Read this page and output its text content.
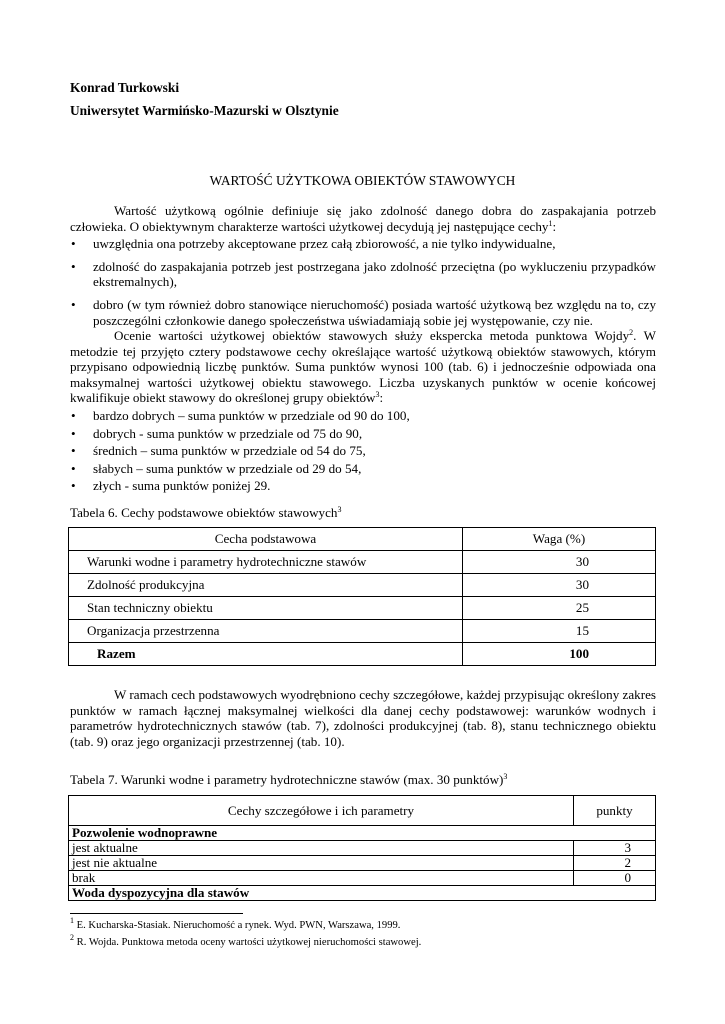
Konrad Turkowski
Uniwersytet Warmińsko-Mazurski w Olsztynie
WARTOŚĆ UŻYTKOWA OBIEKTÓW STAWOWYCH
Wartość użytkową ogólnie definiuje się jako zdolność danego dobra do zaspakajania potrzeb człowieka. O obiektywnym charakterze wartości użytkowej decydują jej następujące cechy$^1$:
• uwzględnia ona potrzeby akceptowane przez całą zbiorowość, a nie tylko indywidualne,
• zdolność do zaspakajania potrzeb jest postrzegana jako zdolność przeciętna (po wykluczeniu przypadków ekstremalnych),
• dobro (w tym również dobro stanowiące nieruchomość) posiada wartość użytkową bez względu na to, czy poszczególni członkowie danego społeczeństwa uświadamiają sobie jej występowanie, czy nie.
Ocenie wartości użytkowej obiektów stawowych służy ekspercka metoda punktowa Wojdy$^2$. W metodzie tej przyjęto cztery podstawowe cechy określające wartość użytkową obiektów stawowych, którym przypisano odpowiednią liczbę punktów. Suma punktów wynosi 100 (tab. 6) i jednocześnie odpowiada ona maksymalnej wartości użytkowej obiektu stawowego. Liczba uzyskanych punktów w ocenie końcowej kwalifikuje obiekt stawowy do określonej grupy obiektów$^3$:
• bardzo dobrych – suma punktów w przedziale od 90 do 100,
• dobrych - suma punktów w przedziale od 75 do 90,
• średnich – suma punktów w przedziale od 54 do 75,
• słabych – suma punktów w przedziale od 29 do 54,
• złych - suma punktów poniżej 29.
Tabela 6. Cechy podstawowe obiektów stawowych$^3$
Cecha podstawowa	Waga (%)
Warunki wodne i parametry hydrotechniczne stawów	30
Zdolność produkcyjna	30
Stan techniczny obiektu	25
Organizacja przestrzenna	15
Razem	100
W ramach cech podstawowych wyodrębniono cechy szczegółowe, każdej przypisując określony zakres punktów w ramach łącznej maksymalnej wielkości dla danej cechy podstawowej: warunków wodnych i parametrów hydrotechnicznych stawów (tab. 7), zdolności produkcyjnej (tab. 8), stanu technicznego obiektu (tab. 9) oraz jego organizacji przestrzennej (tab. 10).
Tabela 7. Warunki wodne i parametry hydrotechniczne stawów (max. 30 punktów)$^3$
Cechy szczegółowe i ich parametry	punkty
Pozwolenie wodnoprawne	
jest aktualne	3
jest nie aktualne	2
brak	0
Woda dyspozycyjna dla stawów	
$^1$ E. Kucharska-Stasiak. Nieruchomość a rynek. Wyd. PWN, Warszawa, 1999.
$^2$ R. Wojda. Punktowa metoda oceny wartości użytkowej nieruchomości stawowej.
